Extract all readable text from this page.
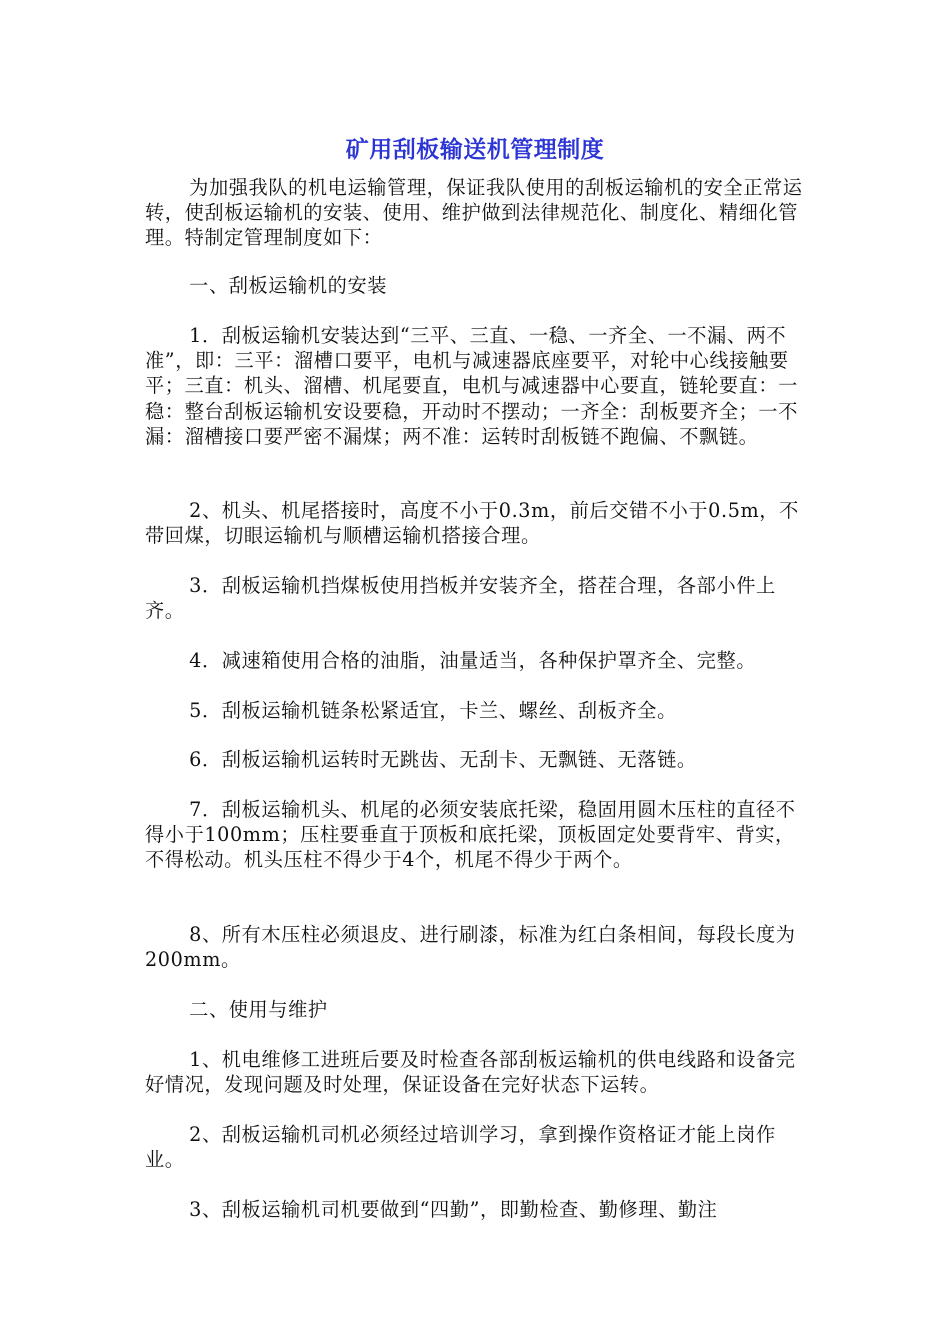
矿用刮板输送机管理制度
为加强我队的机电运输管理，保证我队使用的刮板运输机的安全正常运转，使刮板运输机的安装、使用、维护做到法律规范化、制度化、精细化管理。特制定管理制度如下：
一、刮板运输机的安装
1．刮板运输机安装达到“三平、三直、一稳、一齐全、一不漏、两不准”，即：三平：溜槽口要平，电机与减速器底座要平，对轮中心线接触要平；三直：机头、溜槽、机尾要直，电机与减速器中心要直，链轮要直：一稳：整台刮板运输机安设要稳，开动时不摆动；一齐全：刮板要齐全；一不漏：溜槽接口要严密不漏煤；两不准：运转时刮板链不跑偏、不飘链。
2、机头、机尾搭接时，高度不小于0.3m，前后交错不小于0.5m，不带回煤，切眼运输机与顺槽运输机搭接合理。
3．刮板运输机挡煤板使用挡板并安装齐全，搭茬合理，各部小件上齐。
4．减速箱使用合格的油脂，油量适当，各种保护罩齐全、完整。
5．刮板运输机链条松紧适宜，卡兰、螺丝、刮板齐全。
6．刮板运输机运转时无跳齿、无刮卡、无飘链、无落链。
7．刮板运输机头、机尾的必须安装底托梁，稳固用圆木压柱的直径不得小于100mm；压柱要垂直于顶板和底托梁，顶板固定处要背牢、背实，不得松动。机头压柱不得少于4个，机尾不得少于两个。
8、所有木压柱必须退皮、进行刷漆，标准为红白条相间，每段长度为200mm。
二、使用与维护
1、机电维修工进班后要及时检查各部刮板运输机的供电线路和设备完好情况，发现问题及时处理，保证设备在完好状态下运转。
2、刮板运输机司机必须经过培训学习，拿到操作资格证才能上岗作业。
3、刮板运输机司机要做到“四勤”，即勤检查、勤修理、勤注
